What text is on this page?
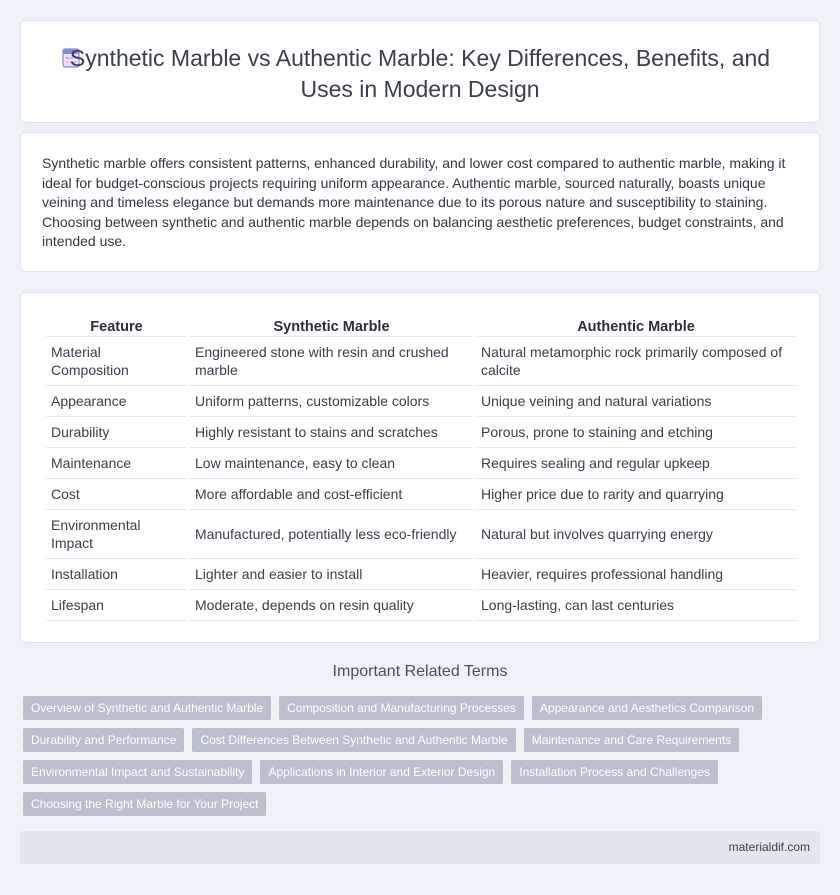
Synthetic Marble vs Authentic Marble: Key Differences, Benefits, and Uses in Modern Design

Synthetic marble offers consistent patterns, enhanced durability, and lower cost compared to authentic marble, making it ideal for budget-conscious projects requiring uniform appearance. Authentic marble, sourced naturally, boasts unique veining and timeless elegance but demands more maintenance due to its porous nature and susceptibility to staining. Choosing between synthetic and authentic marble depends on balancing aesthetic preferences, budget constraints, and intended use.

Feature	Synthetic Marble	Authentic Marble
Material Composition	Engineered stone with resin and crushed marble	Natural metamorphic rock primarily composed of calcite
Appearance	Uniform patterns, customizable colors	Unique veining and natural variations
Durability	Highly resistant to stains and scratches	Porous, prone to staining and etching
Maintenance	Low maintenance, easy to clean	Requires sealing and regular upkeep
Cost	More affordable and cost-efficient	Higher price due to rarity and quarrying
Environmental Impact	Manufactured, potentially less eco-friendly	Natural but involves quarrying energy
Installation	Lighter and easier to install	Heavier, requires professional handling
Lifespan	Moderate, depends on resin quality	Long-lasting, can last centuries
Important Related Terms
Overview of Synthetic and Authentic Marble	Composition and Manufacturing Processes	Appearance and Aesthetics Comparison
Durability and Performance	Cost Differences Between Synthetic and Authentic Marble	Maintenance and Care Requirements
Environmental Impact and Sustainability	Applications in Interior and Exterior Design	Installation Process and Challenges
Choosing the Right Marble for Your Project
materialdif.com
